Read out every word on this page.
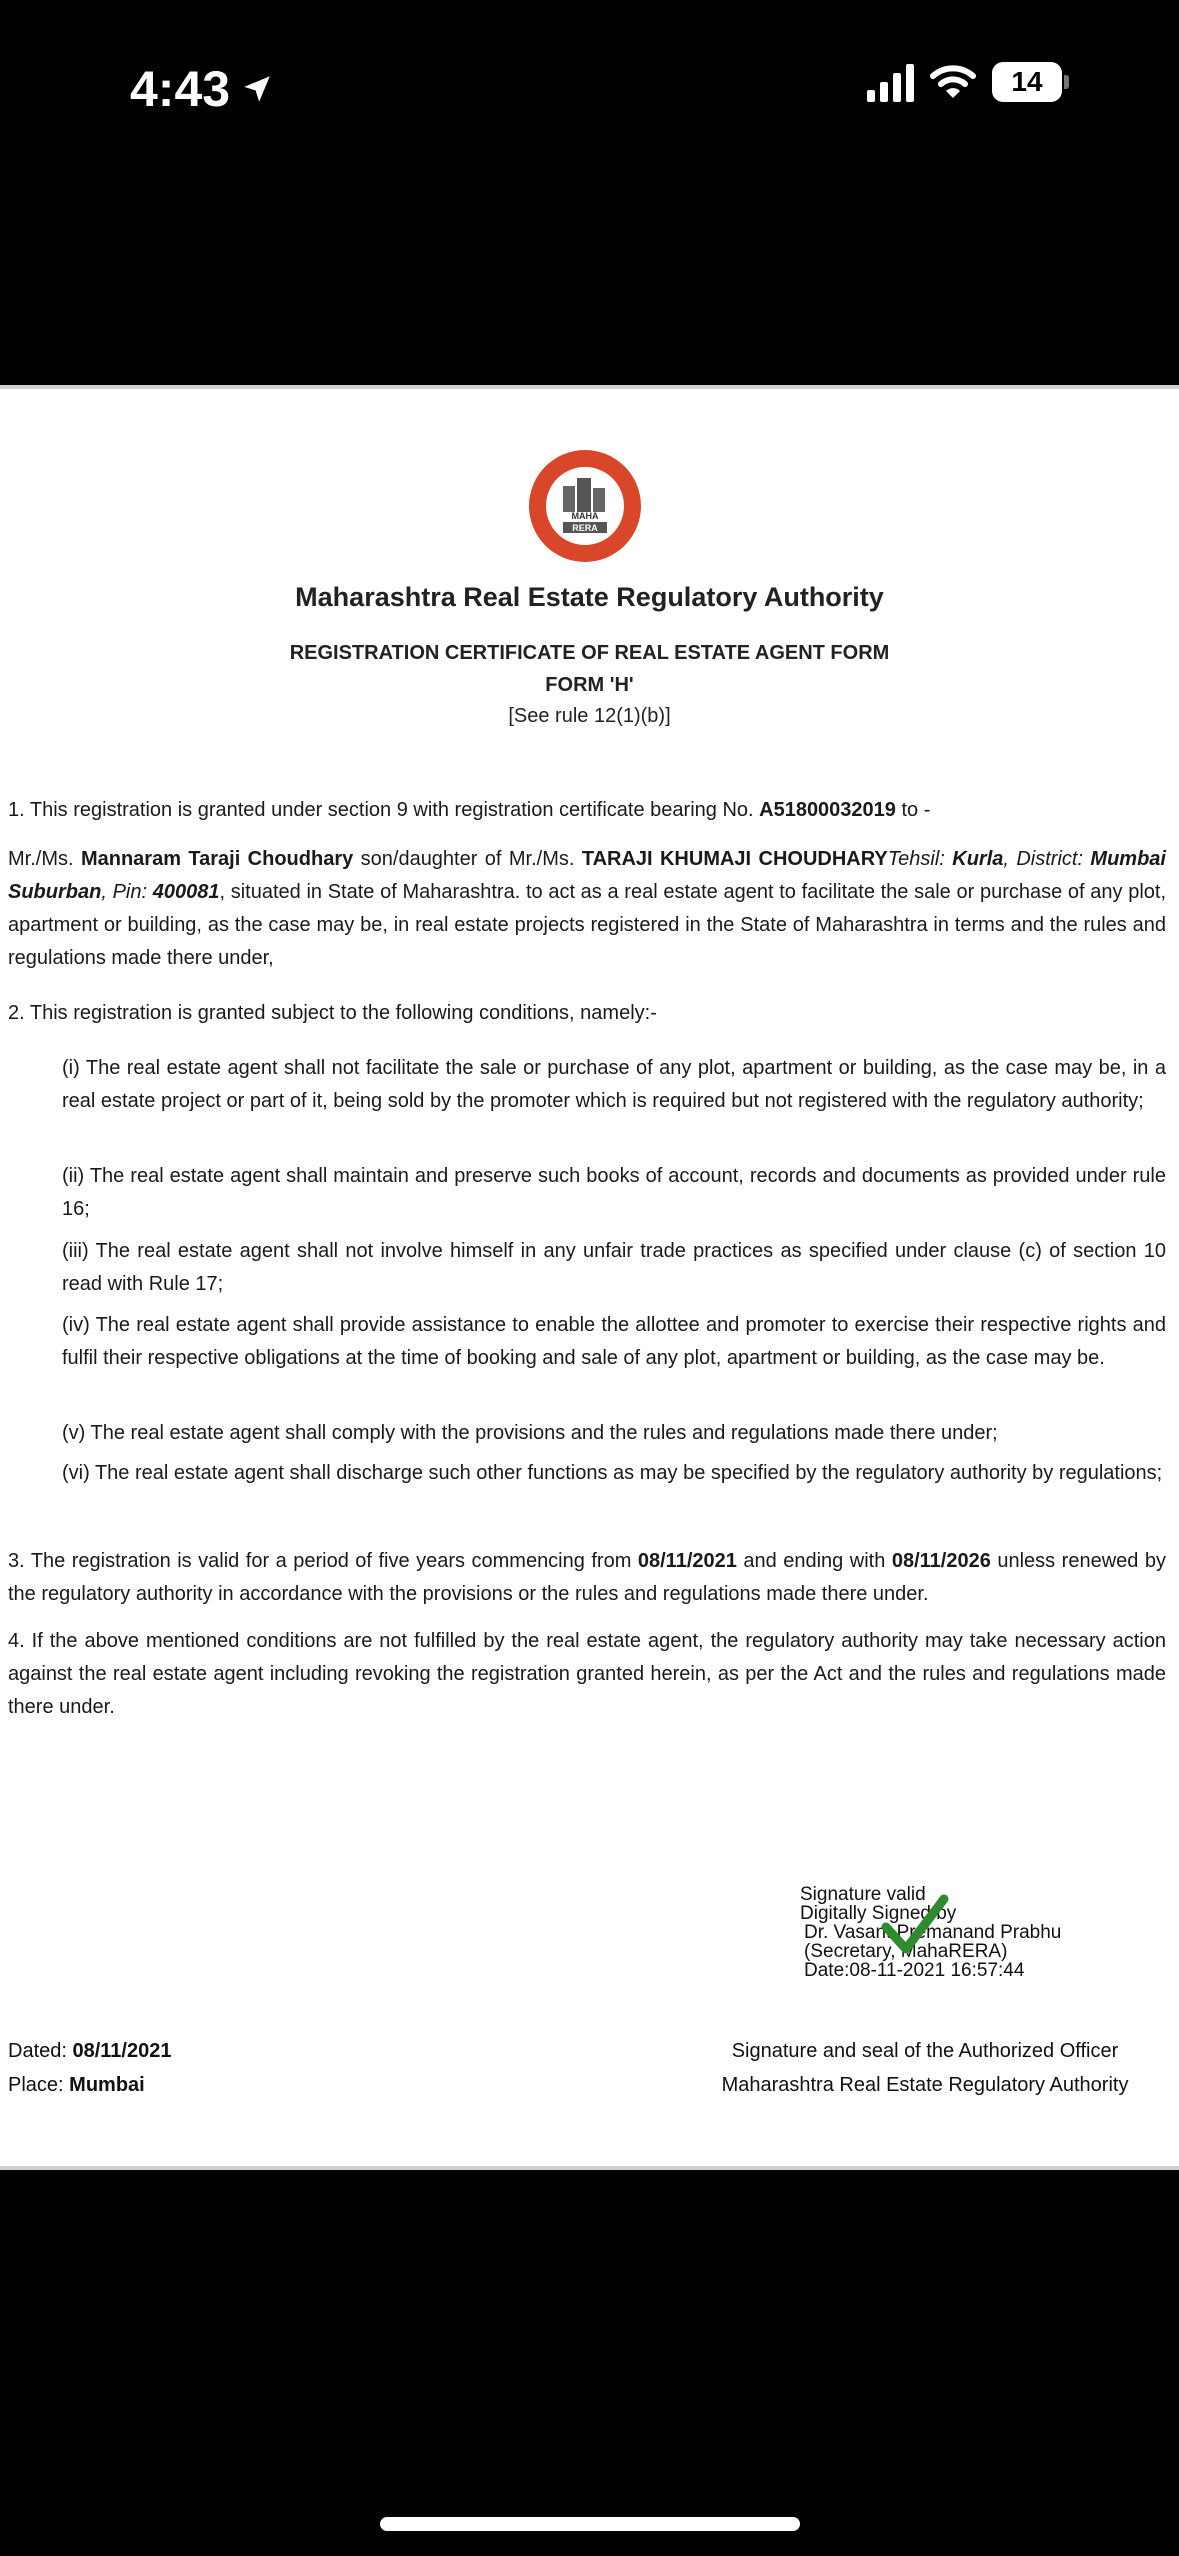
4:43	14
MAHA
RERA
Maharashtra Real Estate Regulatory Authority
REGISTRATION CERTIFICATE OF REAL ESTATE AGENT FORM
FORM 'H'
[See rule 12(1)(b)]
1. This registration is granted under section 9 with registration certificate bearing No. A51800032019 to -
Mr./Ms. Mannaram Taraji Choudhary son/daughter of Mr./Ms. TARAJI KHUMAJI CHOUDHARYTehsil: Kurla, District: Mumbai Suburban, Pin: 400081, situated in State of Maharashtra. to act as a real estate agent to facilitate the sale or purchase of any plot, apartment or building, as the case may be, in real estate projects registered in the State of Maharashtra in terms and the rules and regulations made there under,
2. This registration is granted subject to the following conditions, namely:-
(i) The real estate agent shall not facilitate the sale or purchase of any plot, apartment or building, as the case may be, in a real estate project or part of it, being sold by the promoter which is required but not registered with the regulatory authority;
(ii) The real estate agent shall maintain and preserve such books of account, records and documents as provided under rule 16;
(iii) The real estate agent shall not involve himself in any unfair trade practices as specified under clause (c) of section 10 read with Rule 17;
(iv) The real estate agent shall provide assistance to enable the allottee and promoter to exercise their respective rights and fulfil their respective obligations at the time of booking and sale of any plot, apartment or building, as the case may be.
(v) The real estate agent shall comply with the provisions and the rules and regulations made there under;
(vi) The real estate agent shall discharge such other functions as may be specified by the regulatory authority by regulations;
3. The registration is valid for a period of five years commencing from 08/11/2021 and ending with 08/11/2026 unless renewed by the regulatory authority in accordance with the provisions or the rules and regulations made there under.
4. If the above mentioned conditions are not fulfilled by the real estate agent, the regulatory authority may take necessary action against the real estate agent including revoking the registration granted herein, as per the Act and the rules and regulations made there under.
Signature valid
Digitally Signed by
Dr. Vasant Premanand Prabhu
(Secretary, MahaRERA)
Date:08-11-2021 16:57:44
Dated: 08/11/2021
Place: Mumbai
Signature and seal of the Authorized Officer
Maharashtra Real Estate Regulatory Authority
